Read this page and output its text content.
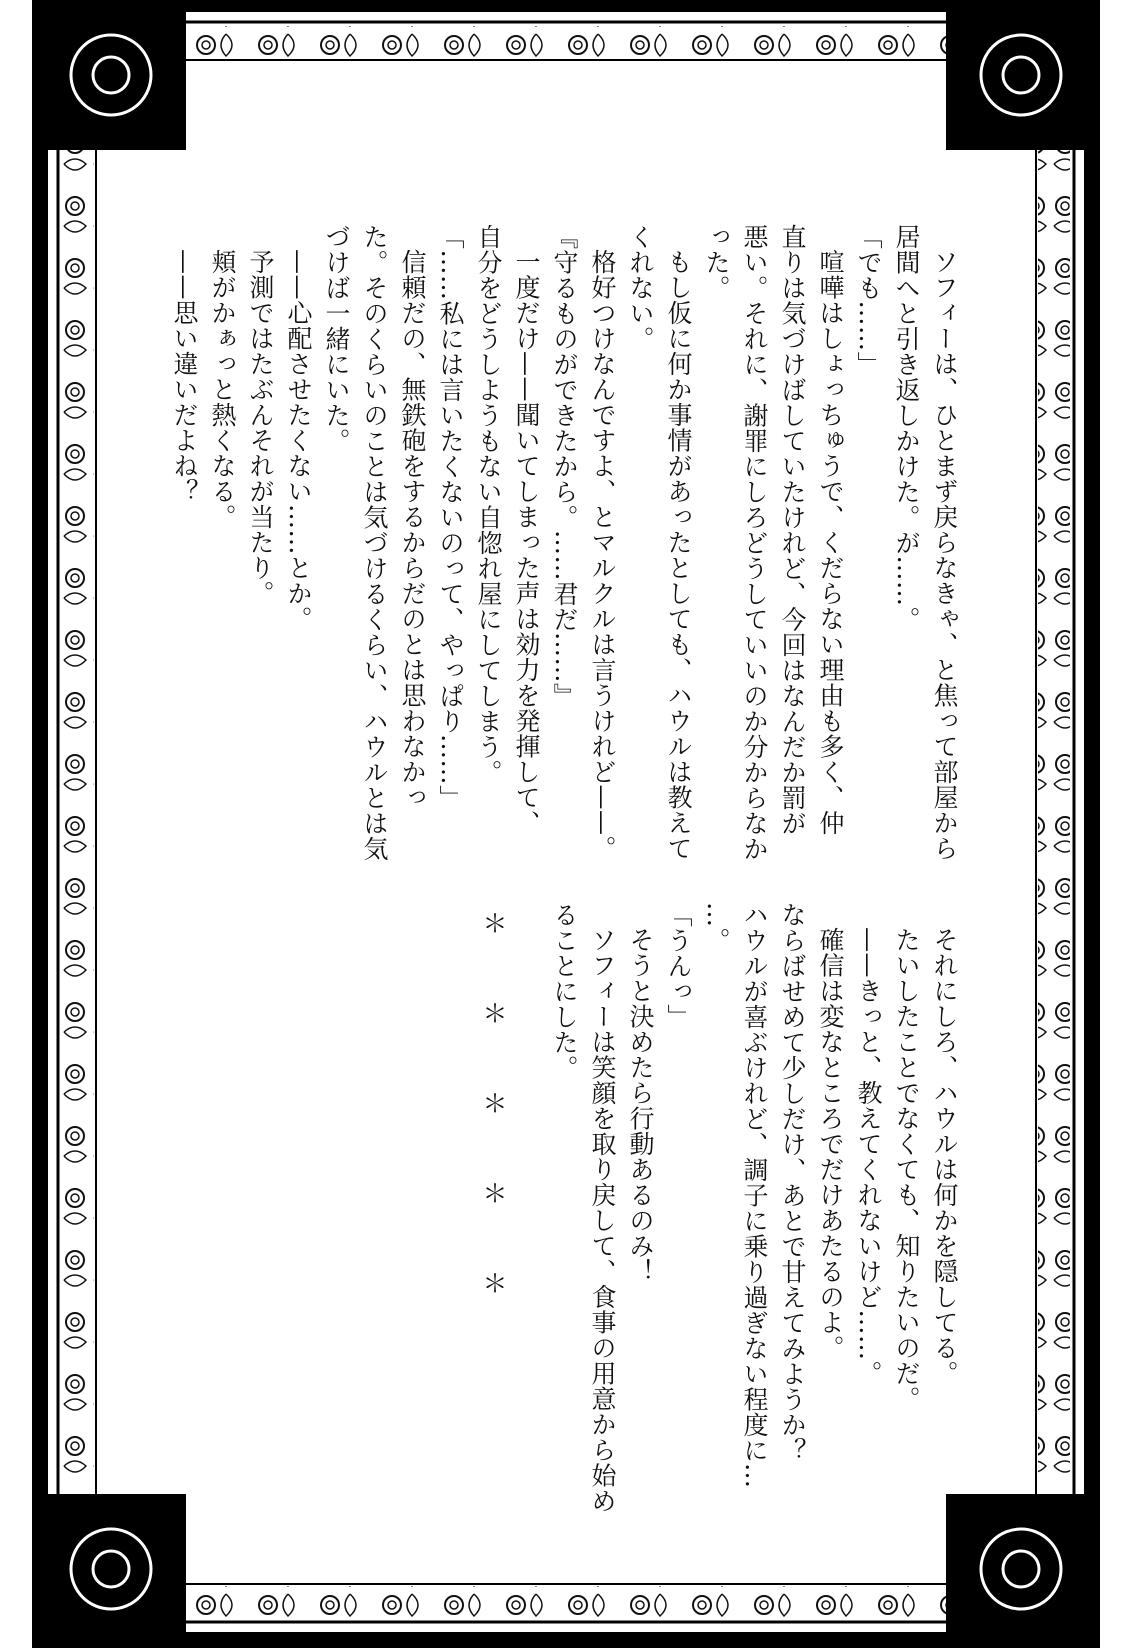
ソフィーは、ひとまず戻らなきゃ、と焦って部屋から
居間へと引き返しかけた。が……。
「でも……」
喧嘩はしょっちゅうで、くだらない理由も多く、仲
直りは気づけばしていたけれど、今回はなんだか罰が
悪い。それに、謝罪にしろどうしていいのか分からなか
った。
もし仮に何か事情があったとしても、ハウルは教えて
くれない。
格好つけなんですよ、とマルクルは言うけれど——。
『守るものができたから。……君だ……』
一度だけ——聞いてしまった声は効力を発揮して、
自分をどうしようもない自惚れ屋にしてしまう。
「……私には言いたくないのって、やっぱり……」
信頼だの、無鉄砲をするからだのとは思わなかっ
た。そのくらいのことは気づけるくらい、ハウルとは気
づけば一緒にいた。
——心配させたくない……とか。
予測ではたぶんそれが当たり。
頬がかぁっと熱くなる。
——思い違いだよね？
それにしろ、ハウルは何かを隠してる。
たいしたことでなくても、知りたいのだ。
——きっと、教えてくれないけど……。
確信は変なところでだけあたるのよ。
ならばせめて少しだけ、あとで甘えてみようか？
ハウルが喜ぶけれど、調子に乗り過ぎない程度に…
…。
「うんっ」
そうと決めたら行動あるのみ！
ソフィーは笑顔を取り戻して、食事の用意から始め
ることにした。
＊　＊　＊　＊　＊
